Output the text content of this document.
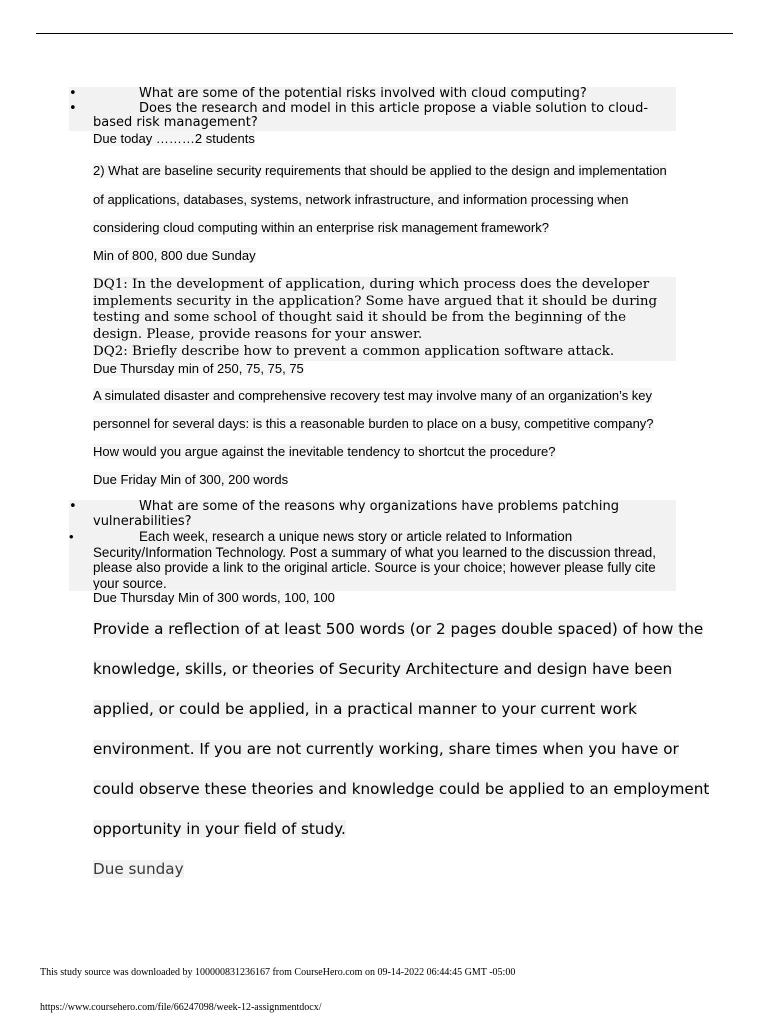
• What are some of the potential risks involved with cloud computing?
• Does the research and model in this article propose a viable solution to cloud-based risk management?

Due today ………2 students

2) What are baseline security requirements that should be applied to the design and implementation

of applications, databases, systems, network infrastructure, and information processing when

considering cloud computing within an enterprise risk management framework?

Min of 800, 800 due Sunday

DQ1: In the development of application, during which process does the developer implements security in the application? Some have argued that it should be during testing and some school of thought said it should be from the beginning of the design. Please, provide reasons for your answer.

DQ2: Briefly describe how to prevent a common application software attack.

Due Thursday min of 250, 75, 75, 75

A simulated disaster and comprehensive recovery test may involve many of an organization’s key

personnel for several days: is this a reasonable burden to place on a busy, competitive company?

How would you argue against the inevitable tendency to shortcut the procedure?

Due Friday Min of 300, 200 words

• What are some of the reasons why organizations have problems patching vulnerabilities?
• Each week, research a unique news story or article related to Information Security/Information Technology. Post a summary of what you learned to the discussion thread, please also provide a link to the original article. Source is your choice; however please fully cite your source.

Due Thursday Min of 300 words, 100, 100

Provide a reflection of at least 500 words (or 2 pages double spaced) of how the

knowledge, skills, or theories of Security Architecture and design have been

applied, or could be applied, in a practical manner to your current work

environment. If you are not currently working, share times when you have or

could observe these theories and knowledge could be applied to an employment

opportunity in your field of study.

Due sunday

This study source was downloaded by 100000831236167 from CourseHero.com on 09-14-2022 06:44:45 GMT -05:00

https://www.coursehero.com/file/66247098/week-12-assignmentdocx/
